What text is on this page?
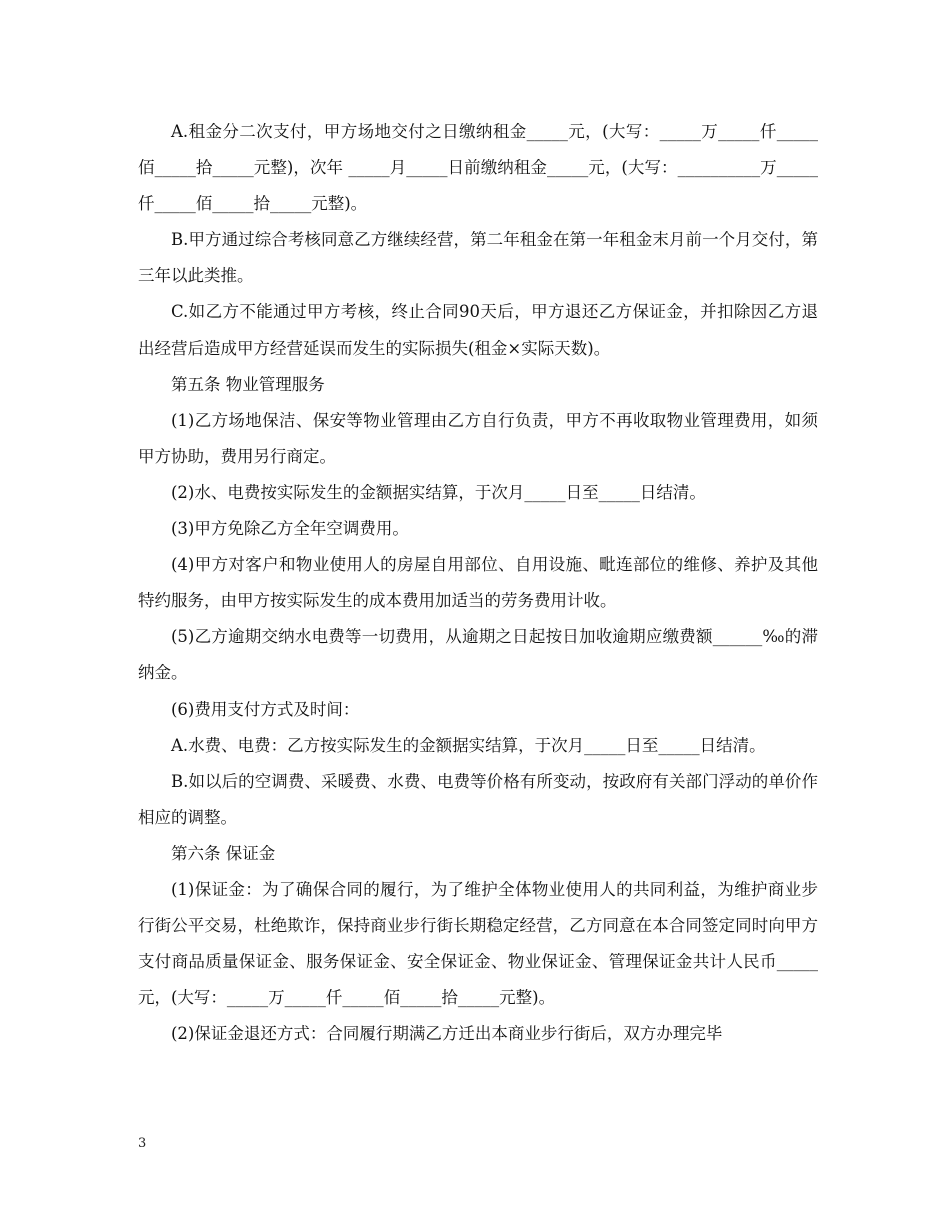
A.租金分二次支付，甲方场地交付之日缴纳租金_____元，(大写：_____万_____仟_____佰_____拾_____元整)，次年 _____月_____日前缴纳租金_____元，(大写：__________万_____仟_____佰_____拾_____元整)。

B.甲方通过综合考核同意乙方继续经营，第二年租金在第一年租金末月前一个月交付，第三年以此类推。

C.如乙方不能通过甲方考核，终止合同90天后，甲方退还乙方保证金，并扣除因乙方退出经营后造成甲方经营延误而发生的实际损失(租金×实际天数)。

第五条 物业管理服务

(1)乙方场地保洁、保安等物业管理由乙方自行负责，甲方不再收取物业管理费用，如须甲方协助，费用另行商定。

(2)水、电费按实际发生的金额据实结算，于次月_____日至_____日结清。

(3)甲方免除乙方全年空调费用。

(4)甲方对客户和物业使用人的房屋自用部位、自用设施、毗连部位的维修、养护及其他特约服务，由甲方按实际发生的成本费用加适当的劳务费用计收。

(5)乙方逾期交纳水电费等一切费用，从逾期之日起按日加收逾期应缴费额______‰的滞纳金。

(6)费用支付方式及时间：

A.水费、电费：乙方按实际发生的金额据实结算，于次月_____日至_____日结清。

B.如以后的空调费、采暖费、水费、电费等价格有所变动，按政府有关部门浮动的单价作相应的调整。

第六条 保证金

(1)保证金：为了确保合同的履行，为了维护全体物业使用人的共同利益，为维护商业步行街公平交易，杜绝欺诈，保持商业步行街长期稳定经营，乙方同意在本合同签定同时向甲方支付商品质量保证金、服务保证金、安全保证金、物业保证金、管理保证金共计人民币_____ 元，(大写：_____万_____仟_____佰_____拾_____元整)。

(2)保证金退还方式：合同履行期满乙方迁出本商业步行街后，双方办理完毕

3
